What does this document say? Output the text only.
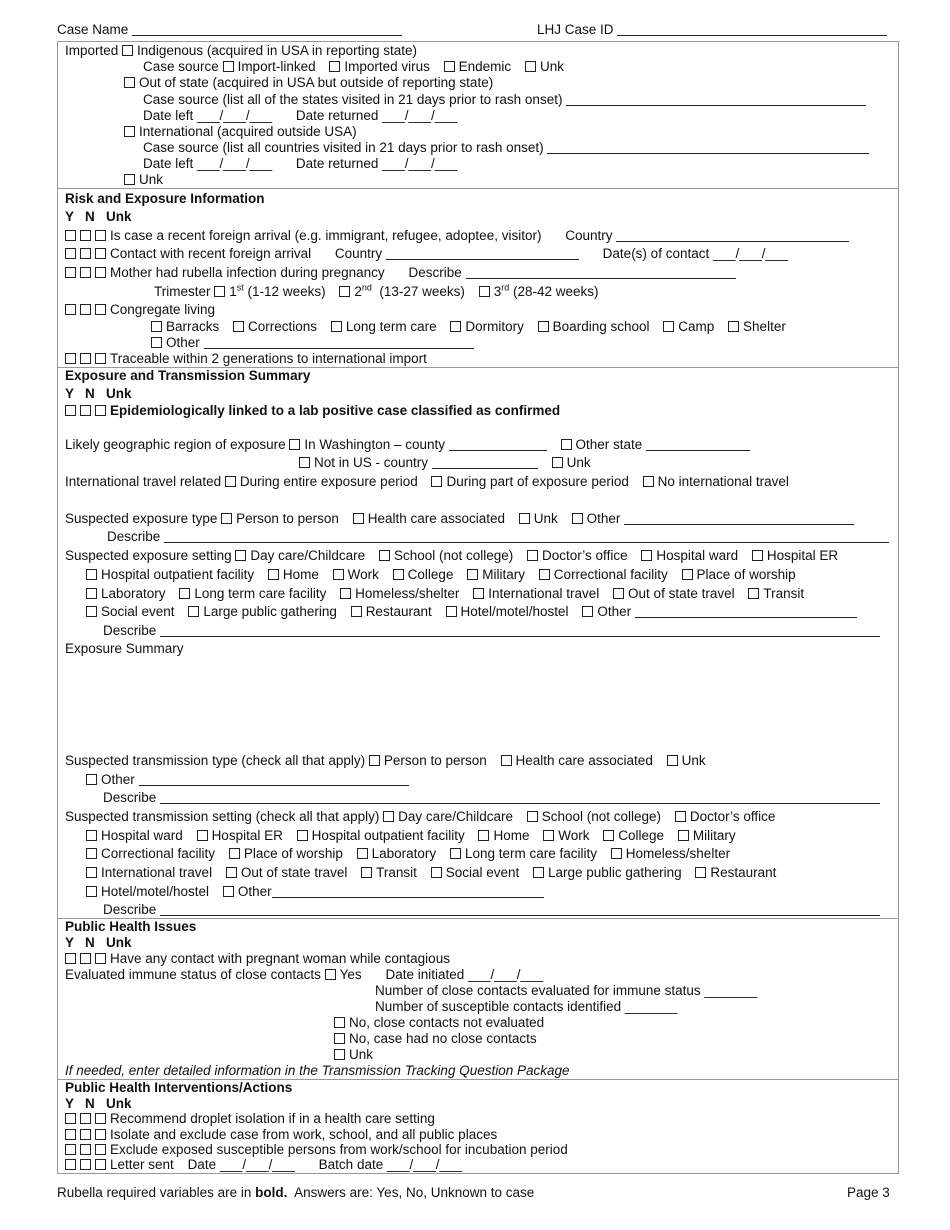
Case Name	LHJ Case ID
Imported Indigenous (acquired in USA in reporting state)
Case source Import-linked Imported virus Endemic Unk
Out of state (acquired in USA but outside of reporting state)
Case source (list all of the states visited in 21 days prior to rash onset)
Date left ___/___/___ Date returned ___/___/___
International (acquired outside USA)
Case source (list all countries visited in 21 days prior to rash onset)
Date left ___/___/___ Date returned ___/___/___
Unk
Risk and Exposure Information
Y   N   Unk
Is case a recent foreign arrival (e.g. immigrant, refugee, adoptee, visitor) Country
Contact with recent foreign arrival Country	Date(s) of contact ___/___/___
Mother had rubella infection during pregnancy Describe
Trimester 1st (1-12 weeks) 2nd  (13-27 weeks) 3rd (28-42 weeks)
Congregate living
Barracks Corrections Long term care Dormitory Boarding school Camp Shelter
Other
Traceable within 2 generations to international import
Exposure and Transmission Summary
Y   N   Unk
Epidemiologically linked to a lab positive case classified as confirmed
Likely geographic region of exposure In Washington – county	Other state
Not in US - country	Unk
International travel related During entire exposure period During part of exposure period No international travel
Suspected exposure type Person to person Health care associated Unk Other
Describe
Suspected exposure setting Day care/Childcare School (not college) Doctor’s office Hospital ward Hospital ER
Hospital outpatient facility Home Work College Military Correctional facility Place of worship
Laboratory Long term care facility Homeless/shelter International travel Out of state travel Transit
Social event Large public gathering Restaurant Hotel/motel/hostel Other
Describe
Exposure Summary
Suspected transmission type (check all that apply) Person to person Health care associated Unk
Other
Describe
Suspected transmission setting (check all that apply) Day care/Childcare School (not college) Doctor’s office
Hospital ward Hospital ER Hospital outpatient facility Home Work College Military
Correctional facility Place of worship Laboratory Long term care facility Homeless/shelter
International travel Out of state travel Transit Social event Large public gathering Restaurant
Hotel/motel/hostel Other
Describe
Public Health Issues
Y   N   Unk
Have any contact with pregnant woman while contagious
Evaluated immune status of close contacts Yes Date initiated ___/___/___
Number of close contacts evaluated for immune status _______
Number of susceptible contacts identified _______
No, close contacts not evaluated
No, case had no close contacts
Unk
If needed, enter detailed information in the Transmission Tracking Question Package
Public Health Interventions/Actions
Y   N   Unk
Recommend droplet isolation if in a health care setting
Isolate and exclude case from work, school, and all public places
Exclude exposed susceptible persons from work/school for incubation period
Letter sent Date ___/___/___ Batch date ___/___/___
Rubella required variables are in bold.  Answers are: Yes, No, Unknown to case	Page 3
